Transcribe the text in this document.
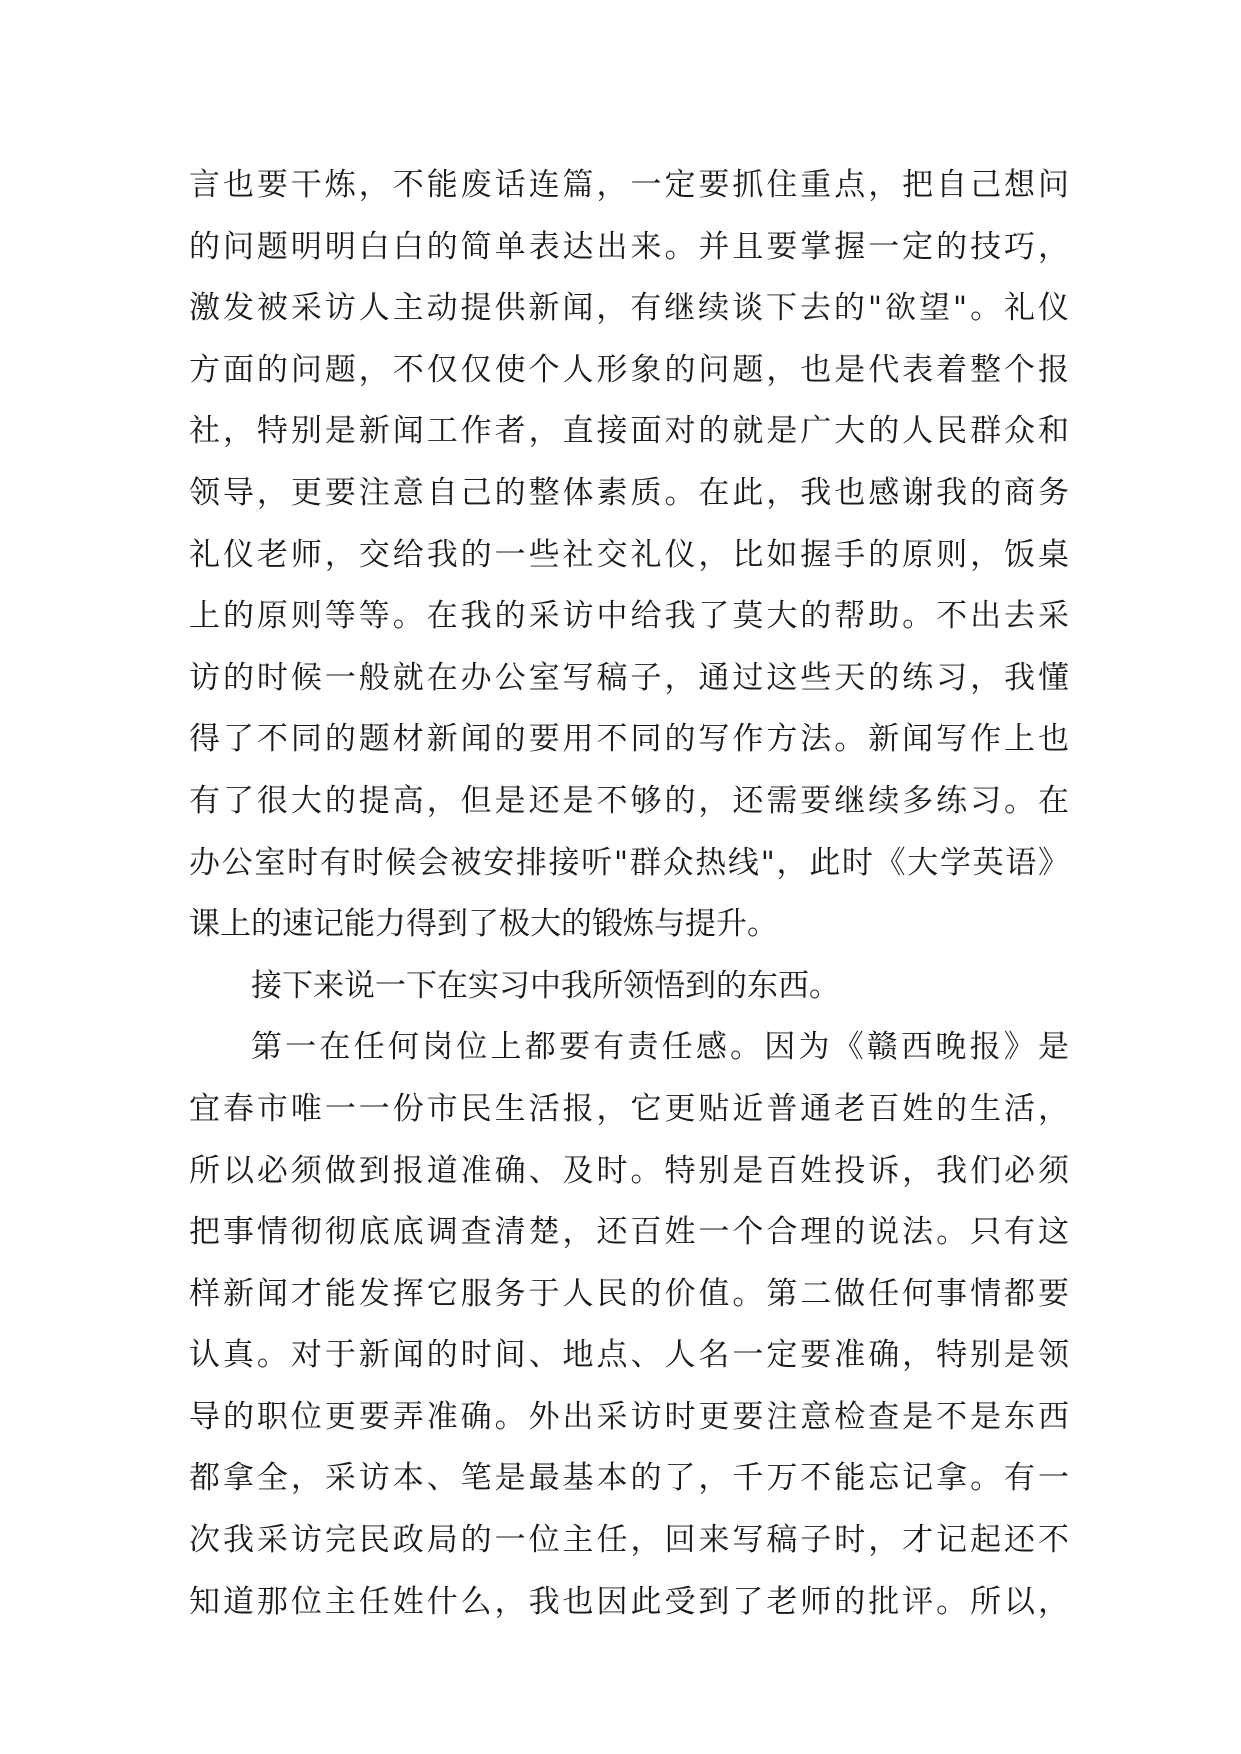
言也要干炼，不能废话连篇，一定要抓住重点，把自己想问
的问题明明白白的简单表达出来。并且要掌握一定的技巧，
激发被采访人主动提供新闻，有继续谈下去的"欲望"。礼仪
方面的问题，不仅仅使个人形象的问题，也是代表着整个报
社，特别是新闻工作者，直接面对的就是广大的人民群众和
领导，更要注意自己的整体素质。在此，我也感谢我的商务
礼仪老师，交给我的一些社交礼仪，比如握手的原则，饭桌
上的原则等等。在我的采访中给我了莫大的帮助。不出去采
访的时候一般就在办公室写稿子，通过这些天的练习，我懂
得了不同的题材新闻的要用不同的写作方法。新闻写作上也
有了很大的提高，但是还是不够的，还需要继续多练习。在
办公室时有时候会被安排接听"群众热线"，此时《大学英语》
课上的速记能力得到了极大的锻炼与提升。
接下来说一下在实习中我所领悟到的东西。
第一在任何岗位上都要有责任感。因为《赣西晚报》是
宜春市唯一一份市民生活报，它更贴近普通老百姓的生活，
所以必须做到报道准确、及时。特别是百姓投诉，我们必须
把事情彻彻底底调查清楚，还百姓一个合理的说法。只有这
样新闻才能发挥它服务于人民的价值。第二做任何事情都要
认真。对于新闻的时间、地点、人名一定要准确，特别是领
导的职位更要弄准确。外出采访时更要注意检查是不是东西
都拿全，采访本、笔是最基本的了，千万不能忘记拿。有一
次我采访完民政局的一位主任，回来写稿子时，才记起还不
知道那位主任姓什么，我也因此受到了老师的批评。所以，
